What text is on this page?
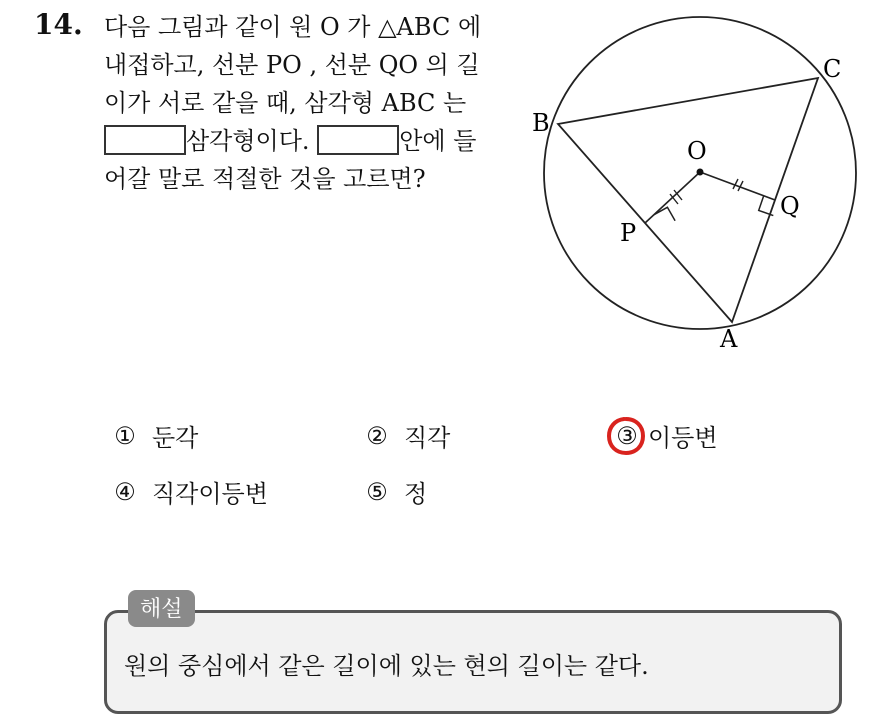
14. 다음 그림과 같이 원 O 가 △ABC 에
내접하고, 선분 PO , 선분 QO 의 길
이가 서로 같을 때, 삼각형 ABC 는
삼각형이다.	안에 들
어갈 말로 적절한 것을 고르면?
B
C
A
O
P
Q
① 둔각	② 직각	③ 이등변
④ 직각이등변	⑤ 정
해설
원의 중심에서 같은 길이에 있는 현의 길이는 같다.
